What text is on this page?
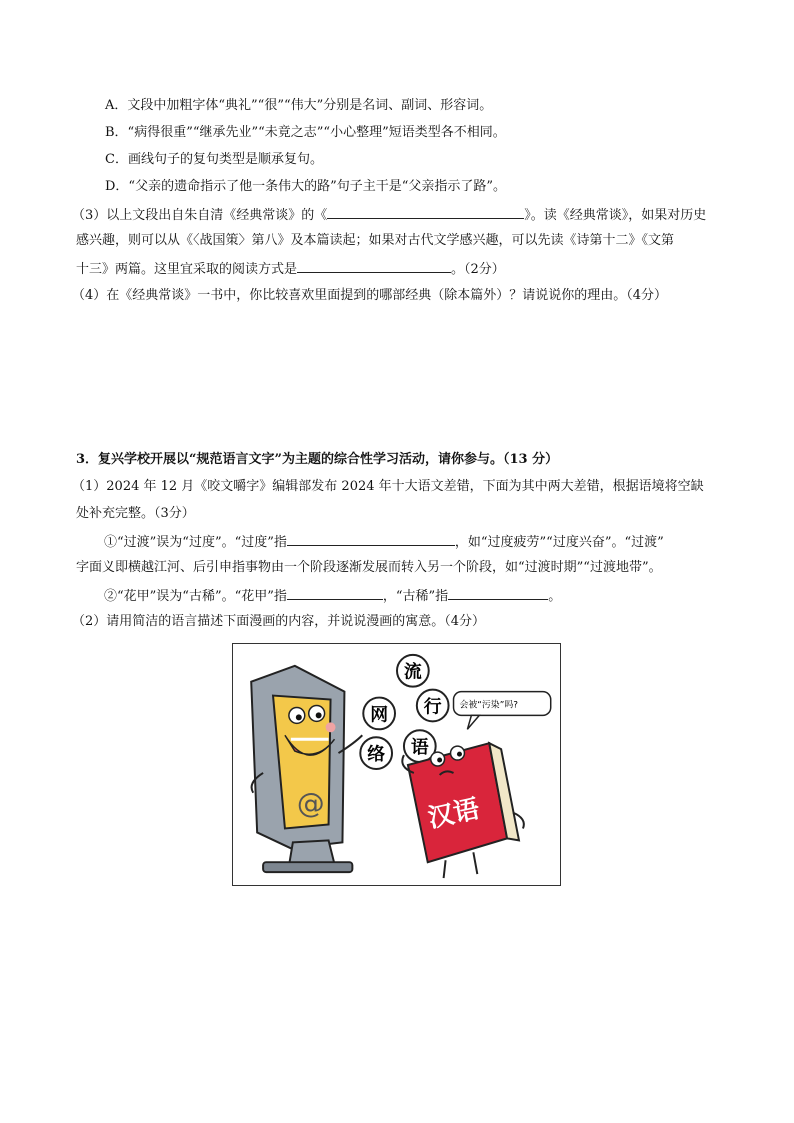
A．文段中加粗字体“典礼”“很”“伟大”分别是名词、副词、形容词。
B．“病得很重”“继承先业”“未竟之志”“小心整理”短语类型各不相同。
C．画线句子的复句类型是顺承复句。
D．“父亲的遗命指示了他一条伟大的路”句子主干是“父亲指示了路”。
（3）以上文段出自朱自清《经典常谈》的《	》。读《经典常谈》，如果对历史
感兴趣，则可以从《〈战国策〉第八》及本篇读起；如果对古代文学感兴趣，可以先读《诗第十二》《文第
十三》两篇。这里宜采取的阅读方式是	。（2分）
（4）在《经典常谈》一书中，你比较喜欢里面提到的哪部经典（除本篇外）？请说说你的理由。（4分）
3．复兴学校开展以“规范语言文字”为主题的综合性学习活动，请你参与。（13 分）
（1）2024 年 12 月《咬文嚼字》编辑部发布 2024 年十大语文差错，下面为其中两大差错，根据语境将空缺
处补充完整。（3分）
①“过渡”误为“过度”。“过度”指	，如“过度疲劳”“过度兴奋”。“过渡”
字面义即横越江河、后引申指事物由一个阶段逐渐发展而转入另一个阶段，如“过渡时期”“过渡地带”。
②“花甲”误为“古稀”。“花甲”指	，“古稀”指	。
（2）请用简洁的语言描述下面漫画的内容，并说说漫画的寓意。（4分）
@
流
网 行
络 语
会被“污染”吗?
汉语
